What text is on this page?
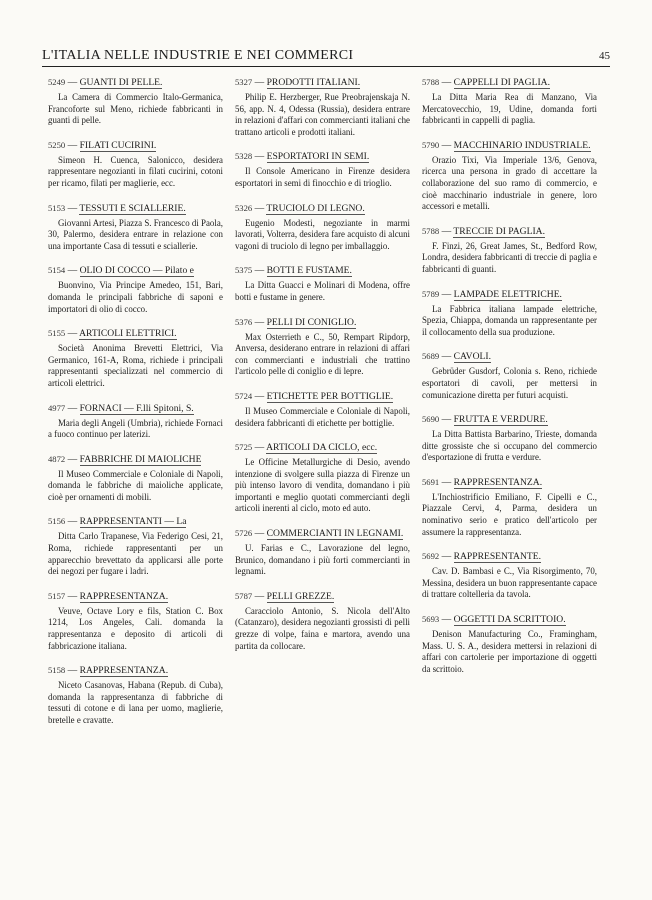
L'ITALIA NELLE INDUSTRIE E NEI COMMERCI	45
5249 — GUANTI DI PELLE.
La Camera di Commercio Italo-Germanica, Francoforte sul Meno, richiede fabbricanti in guanti di pelle.
5250 — FILATI CUCIRINI.
Simeon H. Cuenca, Salonicco, desidera rappresentare negozianti in filati cucirini, cotoni per ricamo, filati per maglierie, ecc.
5153 — TESSUTI E SCIALLERIE.
Giovanni Artesi, Piazza S. Francesco di Paola, 30, Palermo, desidera entrare in relazione con una importante Casa di tessuti e sciallerie.
5154 — OLIO DI COCCO — Pilato e
Buonvino, Via Principe Amedeo, 151, Bari, domanda le principali fabbriche di saponi e importatori di olio di cocco.
5155 — ARTICOLI ELETTRICI.
Società Anonima Brevetti Elettrici, Via Germanico, 161-A, Roma, richiede i principali rappresentanti specializzati nel commercio di articoli elettrici.
4977 — FORNACI — F.lli Spitoni, S.
Maria degli Angeli (Umbria), richiede Fornaci a fuoco continuo per laterizi.
4872 — FABBRICHE DI MAIOLICHE
Il Museo Commerciale e Coloniale di Napoli, domanda le fabbriche di maioliche applicate, cioè per ornamenti di mobili.
5156 — RAPPRESENTANTI — La
Ditta Carlo Trapanese, Via Federigo Cesi, 21, Roma, richiede rappresentanti per un apparecchio brevettato da applicarsi alle porte dei negozi per fugare i ladri.
5157 — RAPPRESENTANZA.
Veuve, Octave Lory e fils, Station C. Box 1214, Los Angeles, Cali. domanda la rappresentanza e deposito di articoli di fabbricazione italiana.
5158 — RAPPRESENTANZA.
Niceto Casanovas, Habana (Repub. di Cuba), domanda la rappresentanza di fabbriche di tessuti di cotone e di lana per uomo, maglierie, bretelle e cravatte.
5327 — PRODOTTI ITALIANI.
Philip E. Herzberger, Rue Preobrajenskaja N. 56, app. N. 4, Odessa (Russia), desidera entrare in relazioni d'affari con commercianti italiani che trattano articoli e prodotti italiani.
5328 — ESPORTATORI IN SEMI.
Il Console Americano in Firenze desidera esportatori in semi di finocchio e di trioglio.
5326 — TRUCIOLO DI LEGNO.
Eugenio Modesti, negoziante in marmi lavorati, Volterra, desidera fare acquisto di alcuni vagoni di truciolo di legno per imballaggio.
5375 — BOTTI E FUSTAME.
La Ditta Guacci e Molinari di Modena, offre botti e fustame in genere.
5376 — PELLI DI CONIGLIO.
Max Osterrieth e C., 50, Rempart Ripdorp, Anversa, desiderano entrare in relazioni di affari con commercianti e industriali che trattino l'articolo pelle di coniglio e di lepre.
5724 — ETICHETTE PER BOTTIGLIE.
Il Museo Commerciale e Coloniale di Napoli, desidera fabbricanti di etichette per bottiglie.
5725 — ARTICOLI DA CICLO, ecc.
Le Officine Metallurgiche di Desio, avendo intenzione di svolgere sulla piazza di Firenze un più intenso lavoro di vendita, domandano i più importanti e meglio quotati commercianti degli articoli inerenti al ciclo, moto ed auto.
5726 — COMMERCIANTI IN LEGNAMI.
U. Farias e C., Lavorazione del legno, Brunico, domandano i più forti commercianti in legnami.
5787 — PELLI GREZZE.
Caracciolo Antonio, S. Nicola dell'Alto (Catanzaro), desidera negozianti grossisti di pelli grezze di volpe, faina e martora, avendo una partita da collocare.
5788 — CAPPELLI DI PAGLIA.
La Ditta Maria Rea di Manzano, Via Mercatovecchio, 19, Udine, domanda forti fabbricanti in cappelli di paglia.
5790 — MACCHINARIO INDUSTRIALE.
Orazio Tixi, Via Imperiale 13/6, Genova, ricerca una persona in grado di accettare la collaborazione del suo ramo di commercio, e cioè macchinario industriale in genere, loro accessori e metalli.
5788 — TRECCIE DI PAGLIA.
F. Finzi, 26, Great James, St., Bedford Row, Londra, desidera fabbricanti di treccie di paglia e fabbricanti di guanti.
5789 — LAMPADE ELETTRICHE.
La Fabbrica italiana lampade elettriche, Spezia, Chiappa, domanda un rappresentante per il collocamento della sua produzione.
5689 — CAVOLI.
Gebrüder Gusdorf, Colonia s. Reno, richiede esportatori di cavoli, per mettersi in comunicazione diretta per futuri acquisti.
5690 — FRUTTA E VERDURE.
La Ditta Battista Barbarino, Trieste, domanda ditte grossiste che si occupano del commercio d'esportazione di frutta e verdure.
5691 — RAPPRESENTANZA.
L'Inchiostrificio Emiliano, F. Cipelli e C., Piazzale Cervi, 4, Parma, desidera un nominativo serio e pratico dell'articolo per assumere la rappresentanza.
5692 — RAPPRESENTANTE.
Cav. D. Bambasi e C., Via Risorgimento, 70, Messina, desidera un buon rappresentante capace di trattare coltelleria da tavola.
5693 — OGGETTI DA SCRITTOIO.
Denison Manufacturing Co., Framingham, Mass. U. S. A., desidera mettersi in relazioni di affari con cartolerie per importazione di oggetti da scrittoio.
